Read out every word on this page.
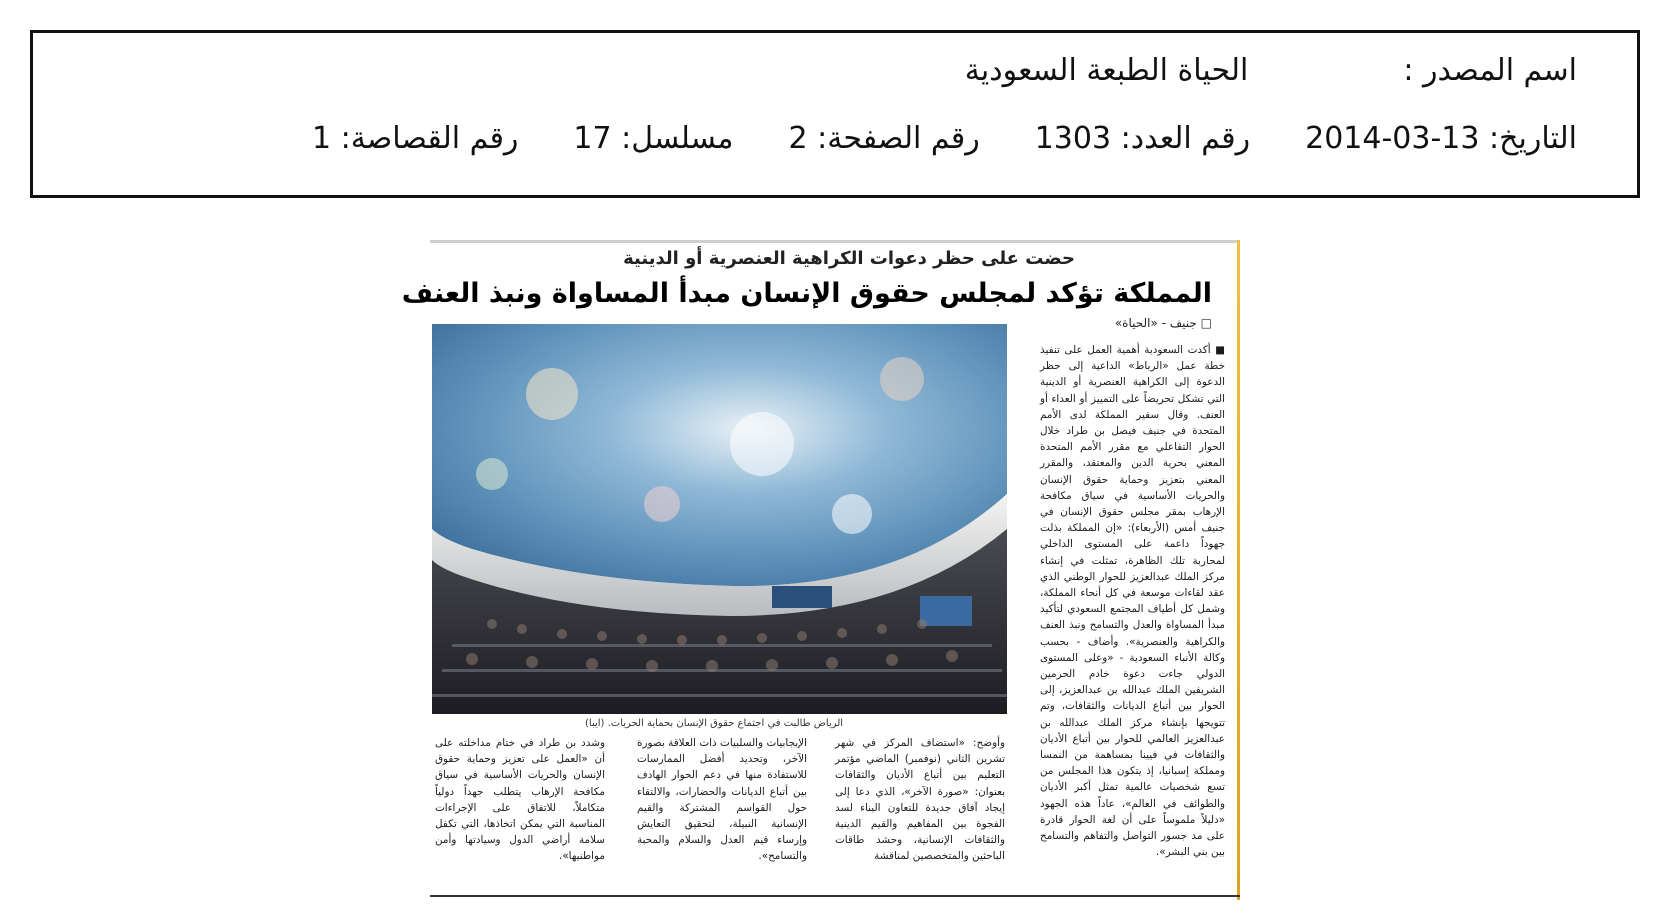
اسم المصدر :الحياة الطبعة السعودية
التاريخ: 2014-03-13رقم العدد: 1303رقم الصفحة: 2مسلسل: 17رقم القصاصة: 1
حضت على حظر دعوات الكراهية العنصرية أو الدينية
المملكة تؤكد لمجلس حقوق الإنسان مبدأ المساواة ونبذ العنف
□ جنيف - «الحياة»
الرياض طالبت في اجتماع حقوق الإنسان بحماية الحريات. (ايبا)

■ أكدت السعودية أهمية العمل على تنفيذ خطة عمل «الرباط» الداعية إلى حظر الدعوة إلى الكراهية العنصرية أو الدينية التي تشكل تحريضاً على التمييز أو العداء أو العنف. وقال سفير المملكة لدى الأمم المتحدة في جنيف فيصل بن طراد خلال الحوار التفاعلي مع مقرر الأمم المتحدة المعني بحرية الدين والمعتقد، والمقرر المعني بتعزيز وحماية حقوق الإنسان والحريات الأساسية في سياق مكافحة الإرهاب بمقر مجلس حقوق الإنسان في جنيف أمس (الأربعاء): «إن المملكة بذلت جهوداً داعمة على المستوى الداخلي لمحاربة تلك الظاهرة، تمثلت في إنشاء مركز الملك عبدالعزيز للحوار الوطني الذي عقد لقاءات موسعة في كل أنحاء المملكة، وشمل كل أطياف المجتمع السعودي لتأكيد مبدأ المساواة والعدل والتسامح ونبذ العنف والكراهية والعنصرية». وأضاف - بحسب وكالة الأنباء السعودية - «وعلى المستوى الدولي جاءت دعوة خادم الحرمين الشريفين الملك عبدالله بن عبدالعزيز، إلى الحوار بين أتباع الديانات والثقافات، وتم تتويجها بإنشاء مركز الملك عبدالله بن عبدالعزيز العالمي للحوار بين أتباع الأديان والثقافات في فيينا بمساهمة من النمسا ومملكة إسبانيا، إذ يتكون هذا المجلس من تسع شخصيات عالمية تمثل أكبر الأديان والطوائف في العالم»، عاداً هذه الجهود «دليلاً ملموساً على أن لغة الحوار قادرة على مد جسور التواصل والتفاهم والتسامح بين بني البشر».

وأوضح: «استضاف المركز في شهر تشرين الثاني (نوفمبر) الماضي مؤتمر التعليم بين أتباع الأديان والثقافات بعنوان: «صورة الآخر»، الذي دعا إلى إيجاد آفاق جديدة للتعاون البناء لسد الفجوة بين المفاهيم والقيم الدينية والثقافات الإنسانية، وحشد طاقات الباحثين والمتخصصين لمناقشة

الإيجابيات والسلبيات ذات العلاقة بصورة الآخر، وتحديد أفضل الممارسات للاستفادة منها في دعم الحوار الهادف بين أتباع الديانات والحضارات، والالتقاء حول القواسم المشتركة والقيم الإنسانية النبيلة، لتحقيق التعايش وإرساء قيم العدل والسلام والمحبة والتسامح».

وشدد بن طراد في ختام مداخلته على أن «العمل على تعزيز وحماية حقوق الإنسان والحريات الأساسية في سياق مكافحة الإرهاب يتطلب جهداً دولياً متكاملاً، للاتفاق على الإجراءات المناسبة التي يمكن اتخاذها، التي تكفل سلامة أراضي الدول وسيادتها وأمن مواطنيها».
